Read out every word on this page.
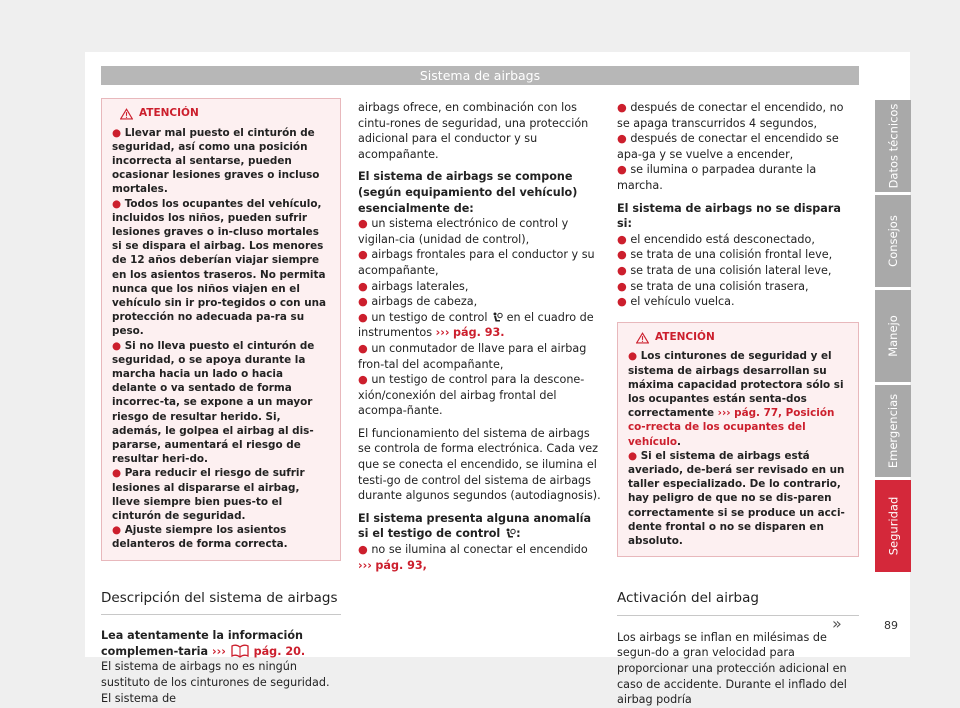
Sistema de airbags
ATENCIÓN

● Llevar mal puesto el cinturón de seguridad, así como una posición incorrecta al sentarse, pueden ocasionar lesiones graves o incluso mortales.

● Todos los ocupantes del vehículo, incluidos los niños, pueden sufrir lesiones graves o in-cluso mortales si se dispara el airbag. Los menores de 12 años deberían viajar siempre en los asientos traseros. No permita nunca que los niños viajen en el vehículo sin ir pro-tegidos o con una protección no adecuada pa-ra su peso.

● Si no lleva puesto el cinturón de seguridad, o se apoya durante la marcha hacia un lado o hacia delante o va sentado de forma incorrec-ta, se expone a un mayor riesgo de resultar herido. Si, además, le golpea el airbag al dis-pararse, aumentará el riesgo de resultar heri-do.

● Para reducir el riesgo de sufrir lesiones al dispararse el airbag, lleve siempre bien pues-to el cinturón de seguridad.

● Ajuste siempre los asientos delanteros de forma correcta.

Descripción del sistema de airbags

Lea atentamente la información complemen-taria ››› pág. 20.

El sistema de airbags no es ningún sustituto de los cinturones de seguridad. El sistema de

airbags ofrece, en combinación con los cintu-rones de seguridad, una protección adicional para el conductor y su acompañante.

El sistema de airbags se compone (según equipamiento del vehículo) esencialmente de:

● un sistema electrónico de control y vigilan-cia (unidad de control),

● airbags frontales para el conductor y su acompañante,

● airbags laterales,

● airbags de cabeza,

● un testigo de control en el cuadro de instrumentos ››› pág. 93.

● un conmutador de llave para el airbag fron-tal del acompañante,

● un testigo de control para la descone-xión/conexión del airbag frontal del acompa-ñante.

El funcionamiento del sistema de airbags se controla de forma electrónica. Cada vez que se conecta el encendido, se ilumina el testi-go de control del sistema de airbags durante algunos segundos (autodiagnosis).

El sistema presenta alguna anomalía si el testigo de control :

● no se ilumina al conectar el encendido ››› pág. 93,

● después de conectar el encendido, no se apaga transcurridos 4 segundos,

● después de conectar el encendido se apa-ga y se vuelve a encender,

● se ilumina o parpadea durante la marcha.

El sistema de airbags no se dispara si:

● el encendido está desconectado,

● se trata de una colisión frontal leve,

● se trata de una colisión lateral leve,

● se trata de una colisión trasera,

● el vehículo vuelca.

ATENCIÓN

● Los cinturones de seguridad y el sistema de airbags desarrollan su máxima capacidad protectora sólo si los ocupantes están senta-dos correctamente ››› pág. 77, Posición co-rrecta de los ocupantes del vehículo.

● Si el sistema de airbags está averiado, de-berá ser revisado en un taller especializado. De lo contrario, hay peligro de que no se dis-paren correctamente si se produce un acci-dente frontal o no se disparen en absoluto.

Activación del airbag

Los airbags se inflan en milésimas de segun-do a gran velocidad para proporcionar una protección adicional en caso de accidente. Durante el inflado del airbag podría

Datos técnicos
Consejos
Manejo
Emergencias
Seguridad
»	89
